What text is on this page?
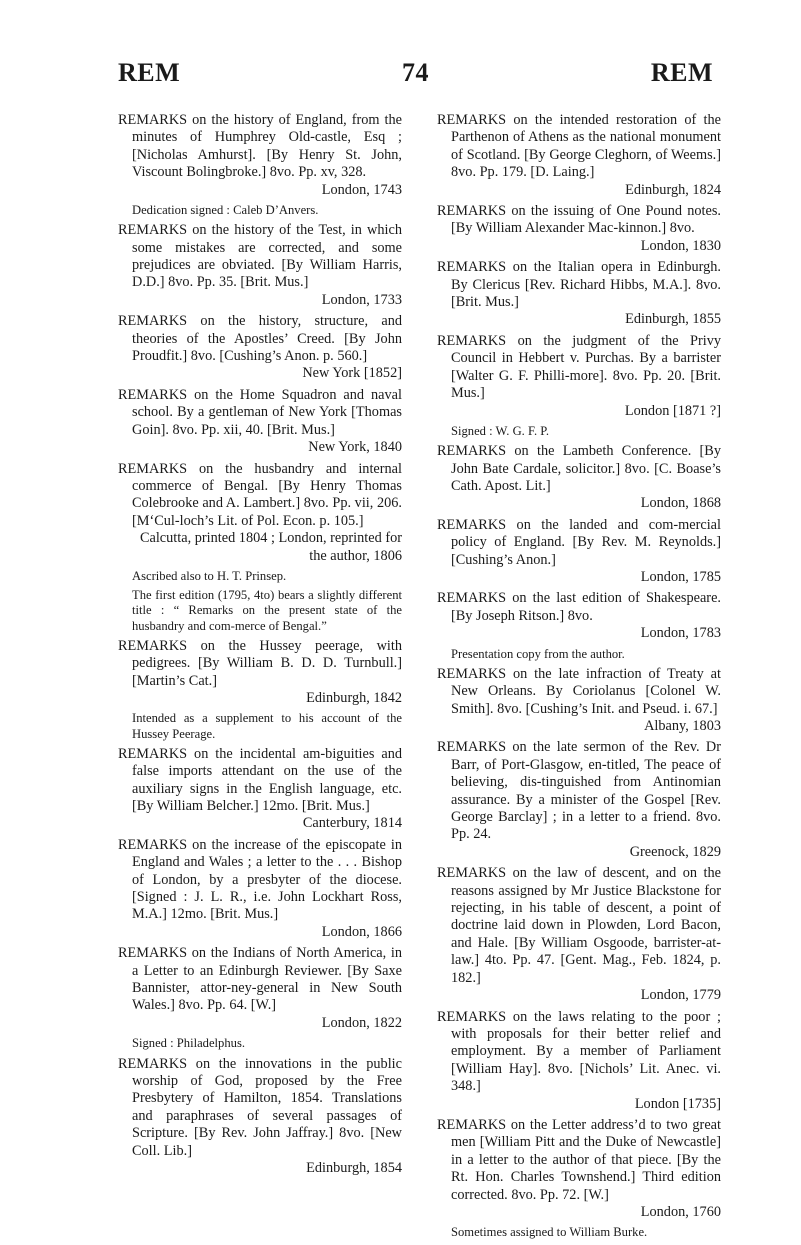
REM	74	REM

REMARKS on the history of England, from the minutes of Humphrey Old-castle, Esq ; [Nicholas Amhurst]. [By Henry St. John, Viscount Bolingbroke.] 8vo. Pp. xv, 328.
London, 1743

Dedication signed : Caleb D’Anvers.

REMARKS on the history of the Test, in which some mistakes are corrected, and some prejudices are obviated. [By William Harris, D.D.] 8vo. Pp. 35. [Brit. Mus.]
London, 1733

REMARKS on the history, structure, and theories of the Apostles’ Creed. [By John Proudfit.] 8vo. [Cushing’s Anon. p. 560.]
New York [1852]

REMARKS on the Home Squadron and naval school. By a gentleman of New York [Thomas Goin]. 8vo. Pp. xii, 40. [Brit. Mus.]
New York, 1840

REMARKS on the husbandry and internal commerce of Bengal. [By Henry Thomas Colebrooke and A. Lambert.] 8vo. Pp. vii, 206. [M‘Cul-loch’s Lit. of Pol. Econ. p. 105.]
Calcutta, printed 1804 ; London, reprinted for the author, 1806

Ascribed also to H. T. Prinsep.

The first edition (1795, 4to) bears a slightly different title : “ Remarks on the present state of the husbandry and com-merce of Bengal.”

REMARKS on the Hussey peerage, with pedigrees. [By William B. D. D. Turnbull.] [Martin’s Cat.]
Edinburgh, 1842

Intended as a supplement to his account of the Hussey Peerage.

REMARKS on the incidental am-biguities and false imports attendant on the use of the auxiliary signs in the English language, etc. [By William Belcher.] 12mo. [Brit. Mus.]
Canterbury, 1814

REMARKS on the increase of the episcopate in England and Wales ; a letter to the . . . Bishop of London, by a presbyter of the diocese. [Signed : J. L. R., i.e. John Lockhart Ross, M.A.] 12mo. [Brit. Mus.]
London, 1866

REMARKS on the Indians of North America, in a Letter to an Edinburgh Reviewer. [By Saxe Bannister, attor-ney-general in New South Wales.] 8vo. Pp. 64. [W.]
London, 1822

Signed : Philadelphus.

REMARKS on the innovations in the public worship of God, proposed by the Free Presbytery of Hamilton, 1854. Translations and paraphrases of several passages of Scripture. [By Rev. John Jaffray.] 8vo. [New Coll. Lib.]
Edinburgh, 1854

REMARKS on the intended restoration of the Parthenon of Athens as the national monument of Scotland. [By George Cleghorn, of Weems.] 8vo. Pp. 179. [D. Laing.]
Edinburgh, 1824

REMARKS on the issuing of One Pound notes. [By William Alexander Mac-kinnon.] 8vo.
London, 1830

REMARKS on the Italian opera in Edinburgh. By Clericus [Rev. Richard Hibbs, M.A.]. 8vo. [Brit. Mus.]
Edinburgh, 1855

REMARKS on the judgment of the Privy Council in Hebbert v. Purchas. By a barrister [Walter G. F. Philli-more]. 8vo. Pp. 20. [Brit. Mus.]
London [1871 ?]

Signed : W. G. F. P.

REMARKS on the Lambeth Conference. [By John Bate Cardale, solicitor.] 8vo. [C. Boase’s Cath. Apost. Lit.]
London, 1868

REMARKS on the landed and com-mercial policy of England. [By Rev. M. Reynolds.] [Cushing’s Anon.]
London, 1785

REMARKS on the last edition of Shakespeare. [By Joseph Ritson.] 8vo.
London, 1783

Presentation copy from the author.

REMARKS on the late infraction of Treaty at New Orleans. By Coriolanus [Colonel W. Smith]. 8vo. [Cushing’s Init. and Pseud. i. 67.]
Albany, 1803

REMARKS on the late sermon of the Rev. Dr Barr, of Port-Glasgow, en-titled, The peace of believing, dis-tinguished from Antinomian assurance. By a minister of the Gospel [Rev. George Barclay] ; in a letter to a friend. 8vo. Pp. 24.
Greenock, 1829

REMARKS on the law of descent, and on the reasons assigned by Mr Justice Blackstone for rejecting, in his table of descent, a point of doctrine laid down in Plowden, Lord Bacon, and Hale. [By William Osgoode, barrister-at-law.] 4to. Pp. 47. [Gent. Mag., Feb. 1824, p. 182.]
London, 1779

REMARKS on the laws relating to the poor ; with proposals for their better relief and employment. By a member of Parliament [William Hay]. 8vo. [Nichols’ Lit. Anec. vi. 348.]
London [1735]

REMARKS on the Letter address’d to two great men [William Pitt and the Duke of Newcastle] in a letter to the author of that piece. [By the Rt. Hon. Charles Townshend.] Third edition corrected. 8vo. Pp. 72. [W.]
London, 1760

Sometimes assigned to William Burke.
